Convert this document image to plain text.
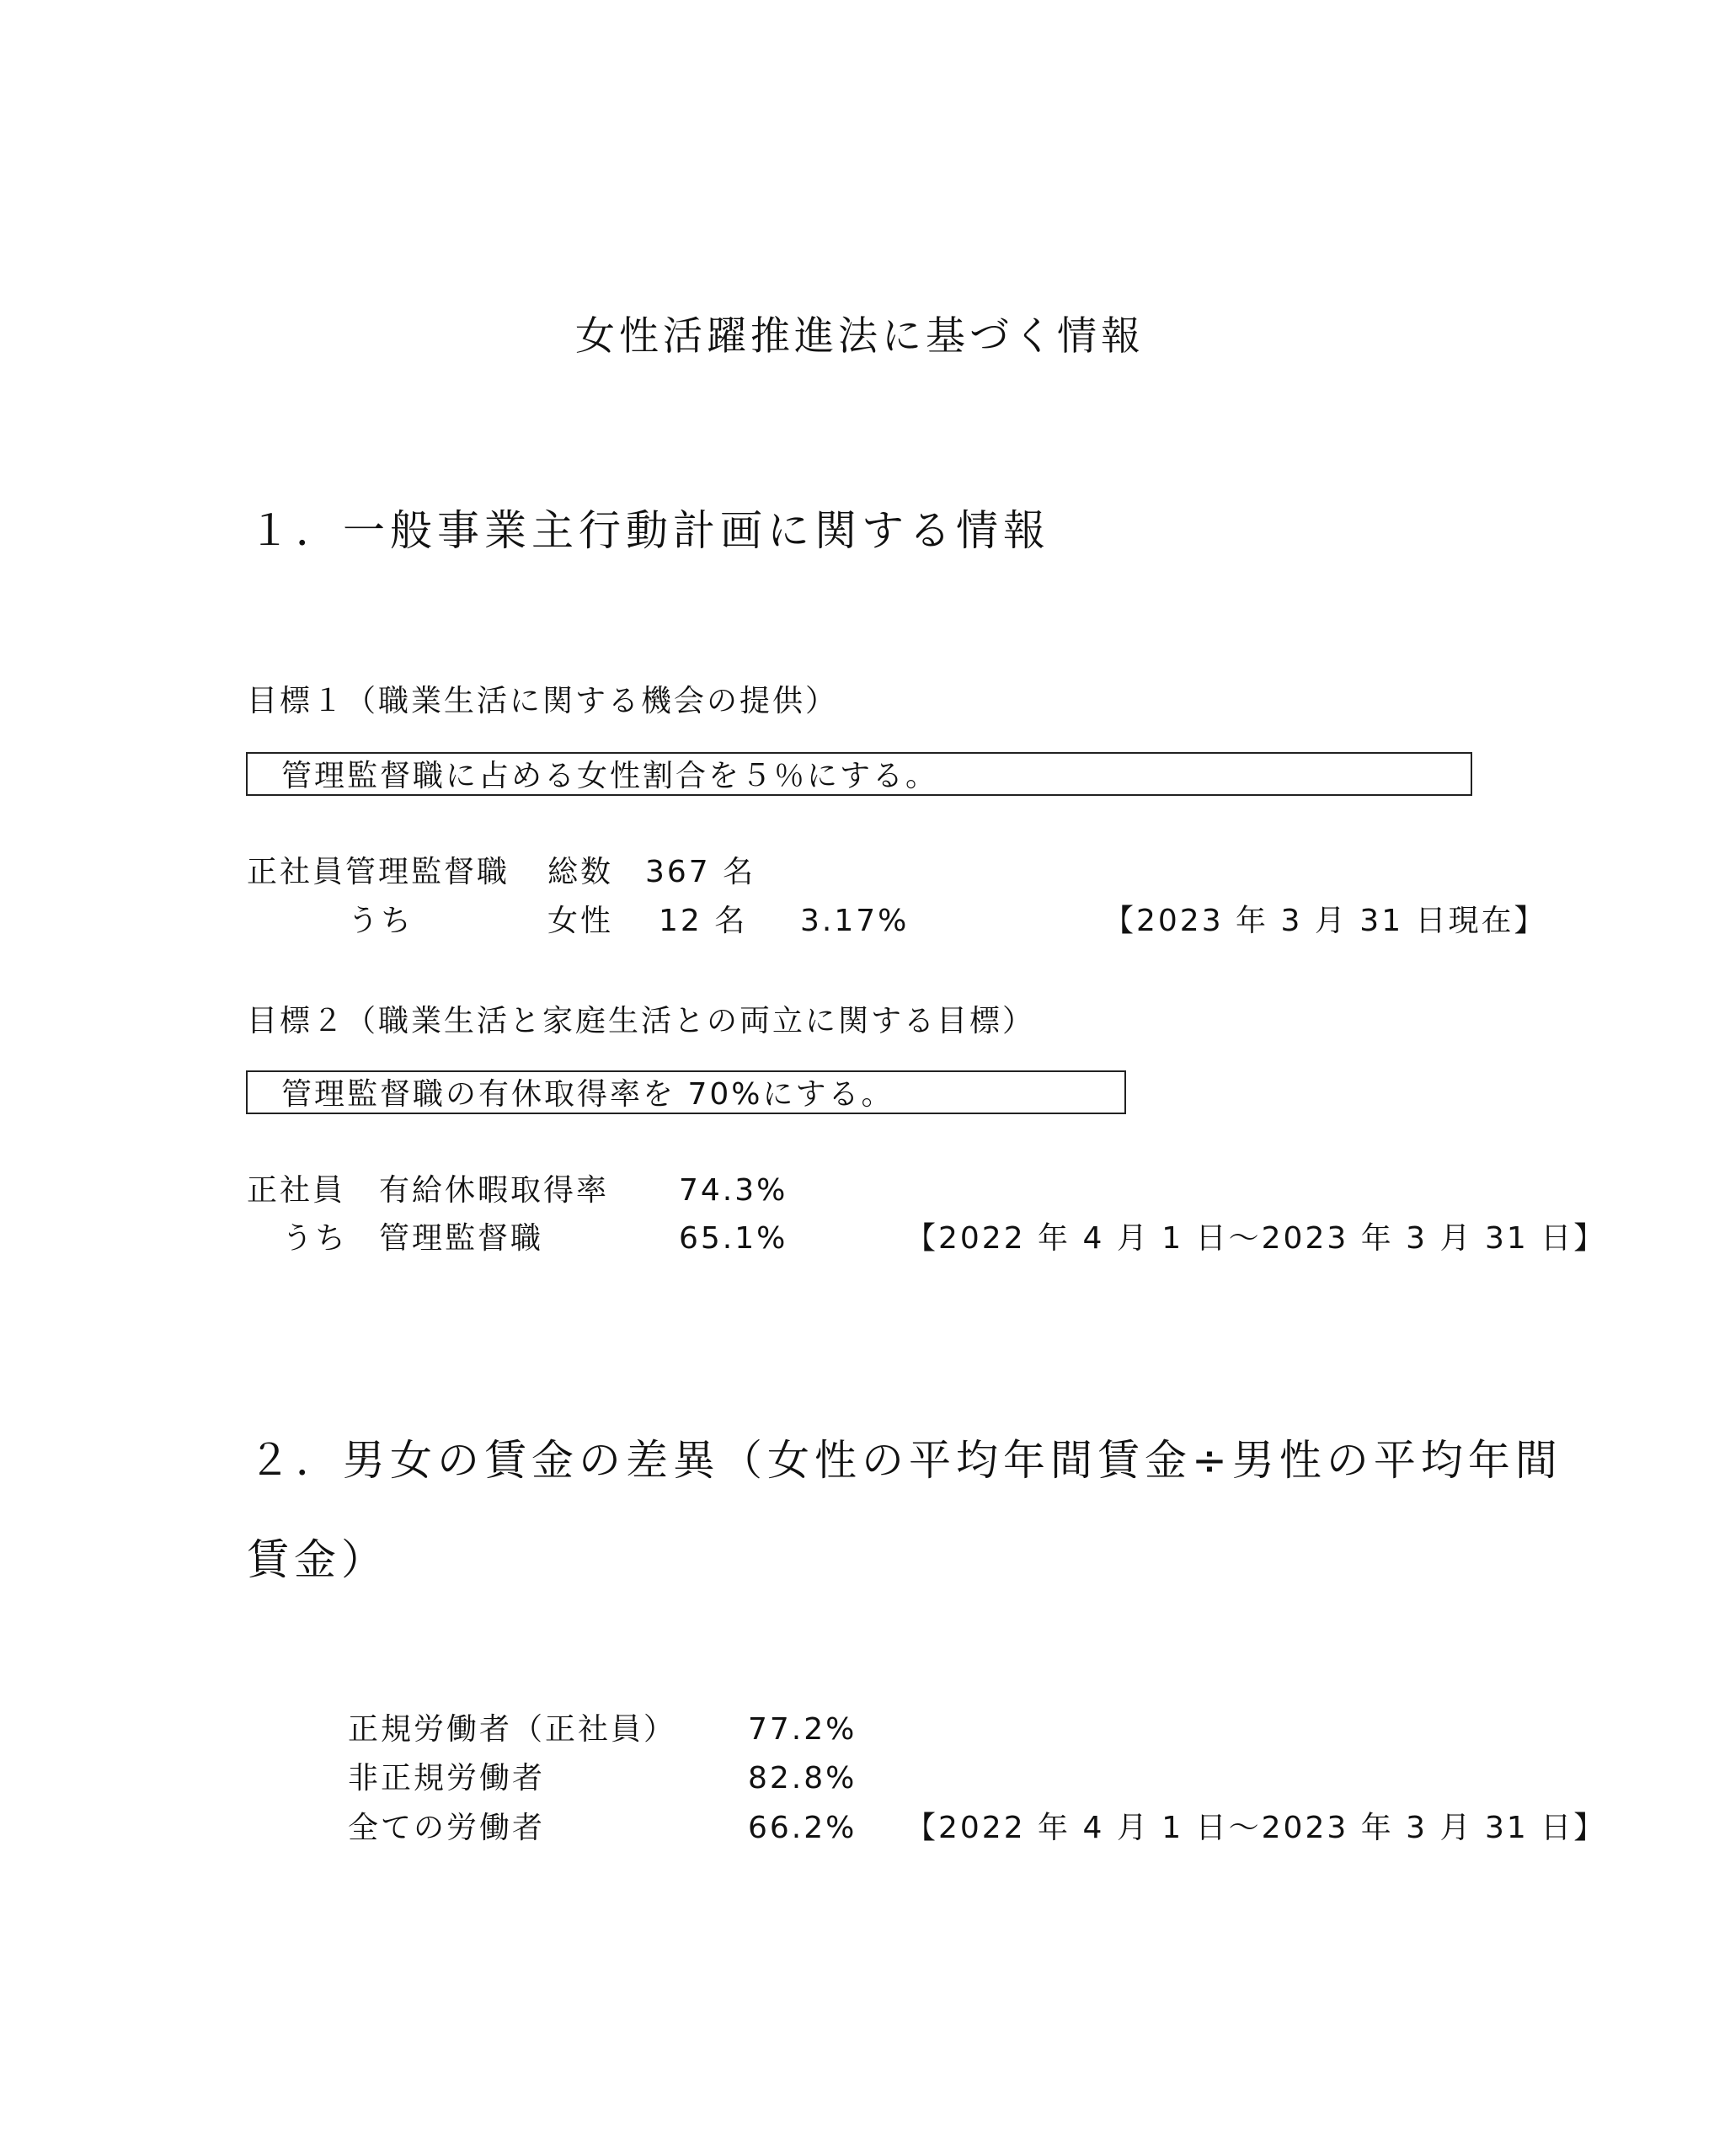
女性活躍推進法に基づく情報
１．一般事業主行動計画に関する情報
目標１（職業生活に関する機会の提供）
管理監督職に占める女性割合を５％にする。
正社員管理監督職 総数 367 名
うち	女性 12 名 3.17%	【2023 年 3 月 31 日現在】
目標２（職業生活と家庭生活との両立に関する目標）
管理監督職の有休取得率を 70%にする。
正社員 有給休暇取得率 74.3%
うち 管理監督職	65.1%	【2022 年 4 月 1 日～2023 年 3 月 31 日】
２．男女の賃金の差異（女性の平均年間賃金÷男性の平均年間
賃金）
正規労働者（正社員） 77.2%
非正規労働者	82.8%
全ての労働者	66.2% 【2022 年 4 月 1 日～2023 年 3 月 31 日】
